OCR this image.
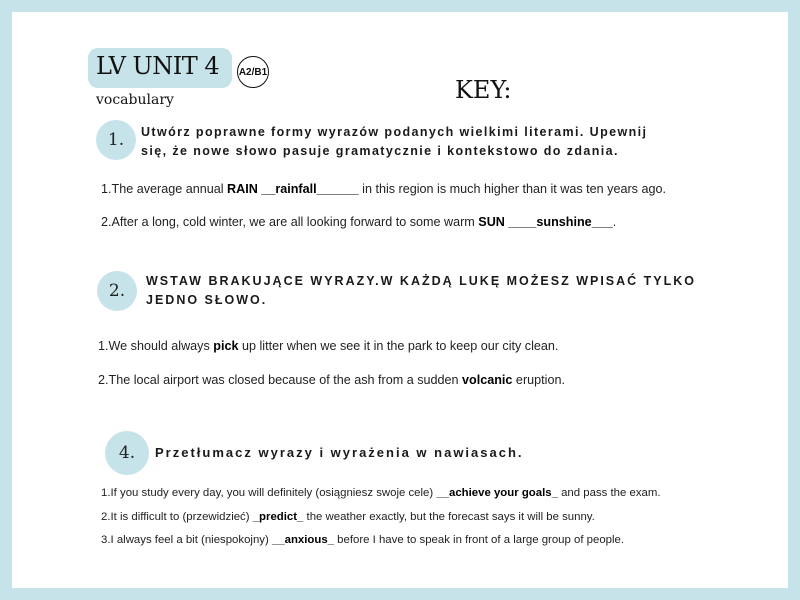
LV UNIT 4 A2/B1
vocabulary	KEY:
1.	Utwórz poprawne formy wyrazów podanych wielkimi literami. Upewnij
się, że nowe słowo pasuje gramatycznie i kontekstowo do zdania.
1.The average annual RAIN __rainfall______ in this region is much higher than it was ten years ago.
2.After a long, cold winter, we are all looking forward to some warm SUN ____sunshine___.
2.	WSTAW BRAKUJĄCE WYRAZY.W KAŻDĄ LUKĘ MOŻESZ WPISAĆ TYLKO
JEDNO SŁOWO.
1.We should always pick up litter when we see it in the park to keep our city clean.
2.The local airport was closed because of the ash from a sudden volcanic eruption.
4.	Przetłumacz wyrazy i wyrażenia w nawiasach.
1.If you study every day, you will definitely (osiągniesz swoje cele) __achieve your goals_ and pass the exam.
2.It is difficult to (przewidzieć) _predict_ the weather exactly, but the forecast says it will be sunny.
3.I always feel a bit (niespokojny) __anxious_ before I have to speak in front of a large group of people.
